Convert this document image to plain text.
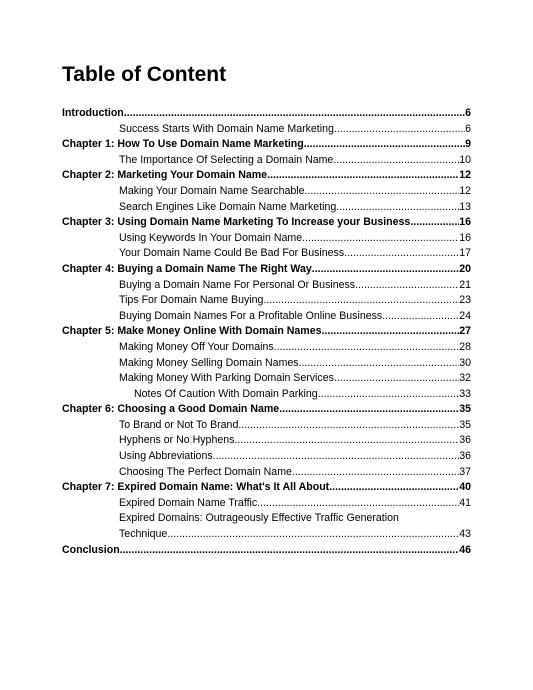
Table of Content
Introduction .....	6
Success Starts With Domain Name Marketing .....	6
Chapter 1: How To Use Domain Name Marketing .....	9
The Importance Of Selecting a Domain Name .....	10
Chapter 2: Marketing Your Domain Name .....	12
Making Your Domain Name Searchable .....	12
Search Engines Like Domain Name Marketing .....	13
Chapter 3: Using Domain Name Marketing To Increase your Business .....	16
Using Keywords In Your Domain Name .....	16
Your Domain Name Could Be Bad For Business .....	17
Chapter 4: Buying a Domain Name The Right Way .....	20
Buying a Domain Name For Personal Or Business .....	21
Tips For Domain Name Buying .....	23
Buying Domain Names For a Profitable Online Business .....	24
Chapter 5: Make Money Online With Domain Names .....	27
Making Money Off Your Domains .....	28
Making Money Selling Domain Names .....	30
Making Money With Parking Domain Services .....	32
Notes Of Caution With Domain Parking .....	33
Chapter 6: Choosing a Good Domain Name .....	35
To Brand or Not To Brand .....	35
Hyphens or No Hyphens .....	36
Using Abbreviations .....	36
Choosing The Perfect Domain Name .....	37
Chapter 7: Expired Domain Name: What's It All About .....	40
Expired Domain Name Traffic .....	41
Expired Domains: Outrageously Effective Traffic Generation
Technique .....	43
Conclusion .....	46
